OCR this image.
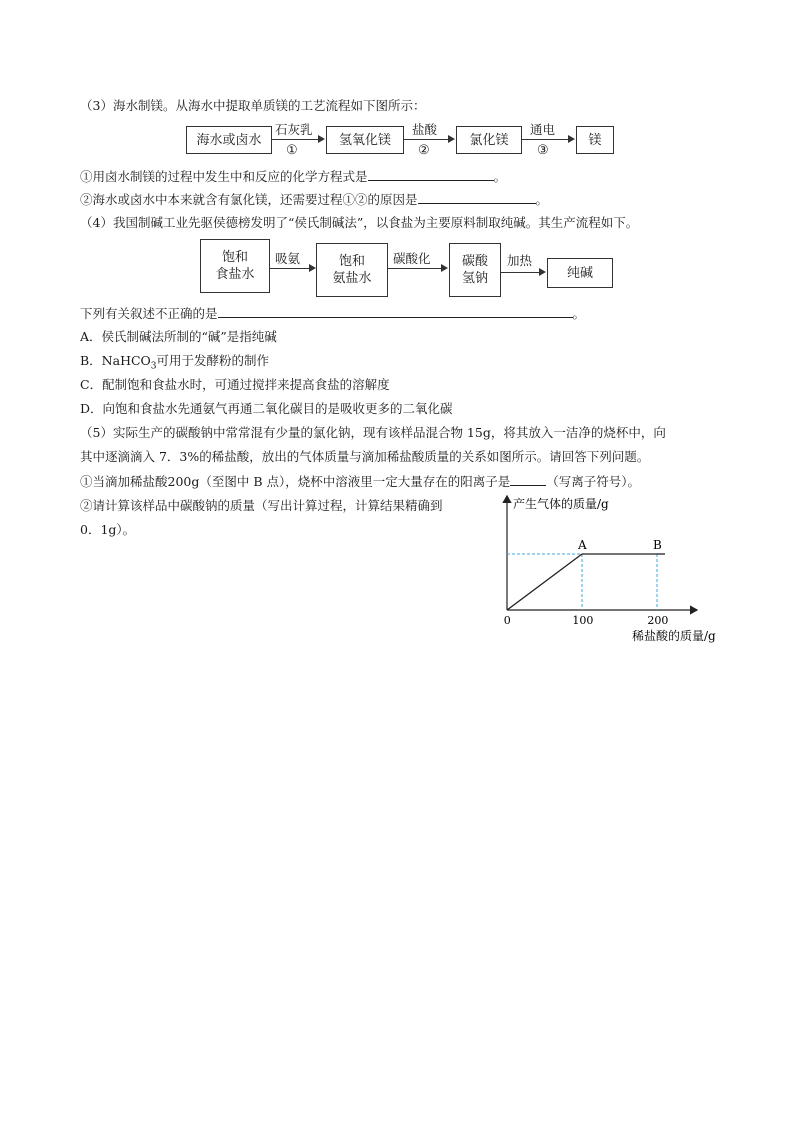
（3）海水制镁。从海水中提取单质镁的工艺流程如下图所示：
海水或卤水
石灰乳
①
氢氧化镁
盐酸
②
氯化镁
通电
③
镁
①用卤水制镁的过程中发生中和反应的化学方程式是	。
②海水或卤水中本来就含有氯化镁，还需要过程①②的原因是	。
（4）我国制碱工业先驱侯德榜发明了“侯氏制碱法”，以食盐为主要原料制取纯碱。其生产流程如下。
饱和
食盐水
吸氨	饱和
氨盐水
碳酸化 碳酸
氢钠
加热
纯碱
下列有关叙述不正确的是	。
A．侯氏制碱法所制的“碱”是指纯碱
B．NaHCO$_3$可用于发酵粉的制作
C．配制饱和食盐水时，可通过搅拌来提高食盐的溶解度
D．向饱和食盐水先通氨气再通二氧化碳目的是吸收更多的二氧化碳
（5）实际生产的碳酸钠中常常混有少量的氯化钠，现有该样品混合物 15g，将其放入一洁净的烧杯中，向
其中逐滴滴入 7．3%的稀盐酸，放出的气体质量与滴加稀盐酸质量的关系如图所示。请回答下列问题。
①当滴加稀盐酸200g（至图中 B 点），烧杯中溶液里一定大量存在的阳离子是	（写离子符号）。
②请计算该样品中碳酸钠的质量（写出计算过程，计算结果精确到
0．1g）。
产生气体的质量/g
稀盐酸的质量/g
A	B
0	100	200
